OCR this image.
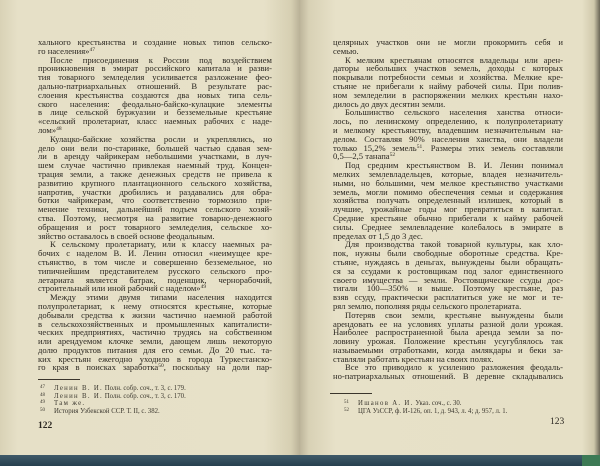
хального крестьянства и создание новых типов сельско-
го населения»$^{47}$
После присоединения к России под воздействием
проникновения в эмират российского капитала и разви-
тия товарного земледелия усиливается разложение фео-
дально-патриархальных отношений. В результате рас-
слоения крестьянства создаются два новых типа сель-
ского населения: феодально-байско-кулацкие элементы
в лице сельской буржуазии и безземельные крестьяне
«сельский пролетариат, класс наемных рабочих с наде-
лом»$^{48}$
Кулацко-байские хозяйства росли и укреплялись, но
дело они вели по-старинке, большей частью сдавая зем-
ли в аренду чайрикерам небольшими участками, в луч-
шем случае частично привлекая наемный труд. Концен-
трация земли, а также денежных средств не привела к
развитию крупного плантационного сельского хозяйства,
напротив, участки дробились и раздавались для обра-
ботки чайрикерам, что соответственно тормозило при-
менение техники, дальнейший подъем сельского хозяй-
ства. Поэтому, несмотря на развитие товарно-денежного
обращения и рост товарного земледелия, сельское хо-
зяйство оставалось в своей основе феодальным.
К сельскому пролетариату, или к классу наемных ра-
бочих с наделом В. И. Ленин относил «неимущее кре-
стьянство, в том числе и совершенно безземельное, но
типичнейшим представителем русского сельского про-
летариата является батрак, поденщик, чернорабочий,
строительный или иной рабочий с наделом»$^{49}$
Между этими двумя типами населения находится
полупролетариат, к нему относятся крестьяне, которые
добывали средства к жизни частично наемной работой
в сельскохозяйственных и промышленных капиталисти-
ческих предприятиях, частично трудясь на собственном
или арендуемом клочке земли, дающем лишь некоторую
долю продуктов питания для его семьи. До 20 тыс. та-
ких крестьян ежегодно уходило в города Туркестанско-
го края в поисках заработка$^{50}$, поскольку на доли пар-
47 Ленин В. И. Полн. собр. соч., т. 3, с. 179.
48 Ленин В. И. Полн. собр. соч., т. 3, с. 170.
49 Там же.
50 История Узбекской ССР. Т. II, с. 382.
122
целярных участков они не могли прокормить себя и
семью.
К мелким крестьянам относятся владельцы или арен-
даторы небольших участков земель, доходы с которых
покрывали потребности семьи и хозяйства. Мелкие кре-
стьяне не прибегали к найму рабочей силы. При полив-
ном земледелии в распоряжении мелких крестьян нахо-
дилось до двух десятин земли.
Большинство сельского населения ханства относи-
лось, по ленинскому определению, к полупролетариату
и мелкому крестьянству, владевшим незначительным на-
делом. Составляя 90% населения ханства, они владели
только 15,2% земель$^{51}$. Размеры этих земель составляли
0,5—2,5 танапа$^{52}$
Под средним крестьянством В. И. Ленин понимал
мелких землевладельцев, которые, владея незначитель-
ными, но бо́льшими, чем мелкое крестьянство участками
земель, могли помимо обеспечения семьи и содержания
хозяйства получать определенный излишек, который в
лучшие, урожайные годы мог превратиться в капитал.
Средние крестьяне обычно прибегали к найму рабочей
силы. Среднее землевладение колебалось в эмирате в
пределах от 1,5 до 3 дес.
Для производства такой товарной культуры, как хло-
пок, нужны были свободные оборотные средства. Кре-
стьяне, нуждаясь в деньгах, вынуждены были обращать-
ся за ссудами к ростовщикам под залог единственного
своего имущества — земли. Ростовщические ссуды дос-
тигали 100—350% и выше. Поэтому крестьяне, раз
взяв ссуду, практически расплатиться уже не мог и те-
рял землю, пополняя ряды сельского пролетариата.
Потеряв свои земли, крестьяне вынуждены были
арендовать ее на условиях уплаты разной доли урожая.
Наиболее распространенной была аренда земли за по-
ловину урожая. Положение крестьян усугублялось так
называемыми отработками, когда амлякдары и беки за-
ставляли работать крестьян на своих полях.
Все это приводило к усилению разложения феодаль-
но-патриархальных отношений. В деревне складывались
51 Ишанов А. И. Указ. соч., с. 30.
52 ЦГА УзССР, ф. И-126, оп. 1, д. 943, л. 4; д. 957, л. 1.
123
